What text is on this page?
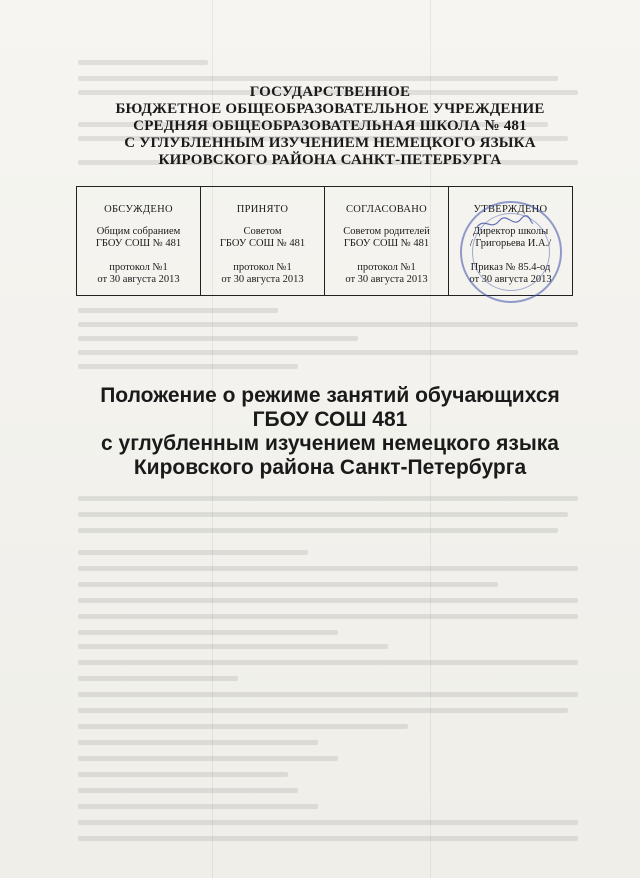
ГОСУДАРСТВЕННОЕ
БЮДЖЕТНОЕ ОБЩЕОБРАЗОВАТЕЛЬНОЕ УЧРЕЖДЕНИЕ
СРЕДНЯЯ ОБЩЕОБРАЗОВАТЕЛЬНАЯ ШКОЛА № 481
С УГЛУБЛЕННЫМ ИЗУЧЕНИЕМ НЕМЕЦКОГО ЯЗЫКА
КИРОВСКОГО РАЙОНА САНКТ-ПЕТЕРБУРГА
ОБСУЖДЕНО
Общим собранием
ГБОУ СОШ № 481
протокол №1
от 30 августа 2013
ПРИНЯТО
Советом
ГБОУ СОШ № 481
протокол №1
от 30 августа 2013
СОГЛАСОВАНО
Советом родителей
ГБОУ СОШ № 481
протокол №1
от 30 августа 2013
УТВЕРЖДЕНО
Директор школы
/ Григорьева И.А./
Приказ № 85.4-од
от 30 августа 2013
Положение о режиме занятий обучающихся
ГБОУ СОШ 481
с углубленным изучением немецкого языка
Кировского района Санкт-Петербурга
